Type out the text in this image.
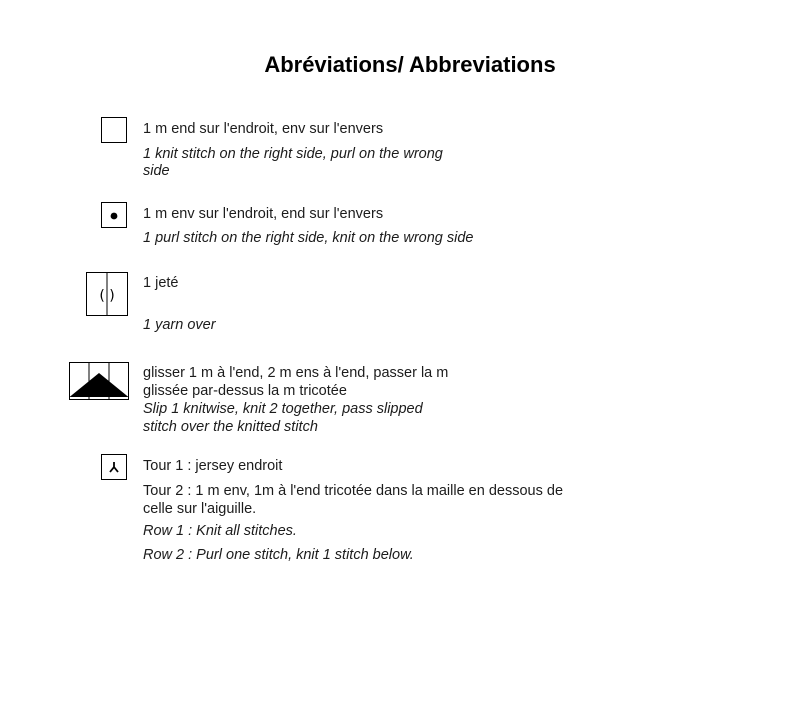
Abréviations/ Abbreviations
1 m end sur l'endroit, env sur l'envers
1 knit stitch on the right side, purl on the wrong
side
1 m env sur l'endroit, end sur l'envers
1 purl stitch on the right side, knit on the wrong side
( )
1 jeté
1 yarn over
glisser 1 m à l'end, 2 m ens à l'end, passer la m
glissée par-dessus la m tricotée
Slip 1 knitwise, knit 2 together, pass slipped
stitch over the knitted stitch
Tour 1 : jersey endroit
Tour 2 : 1 m env, 1m à l'end tricotée dans la maille en dessous de
celle sur l'aiguille.
Row 1 : Knit all stitches.
Row 2 : Purl one stitch, knit 1 stitch below.
